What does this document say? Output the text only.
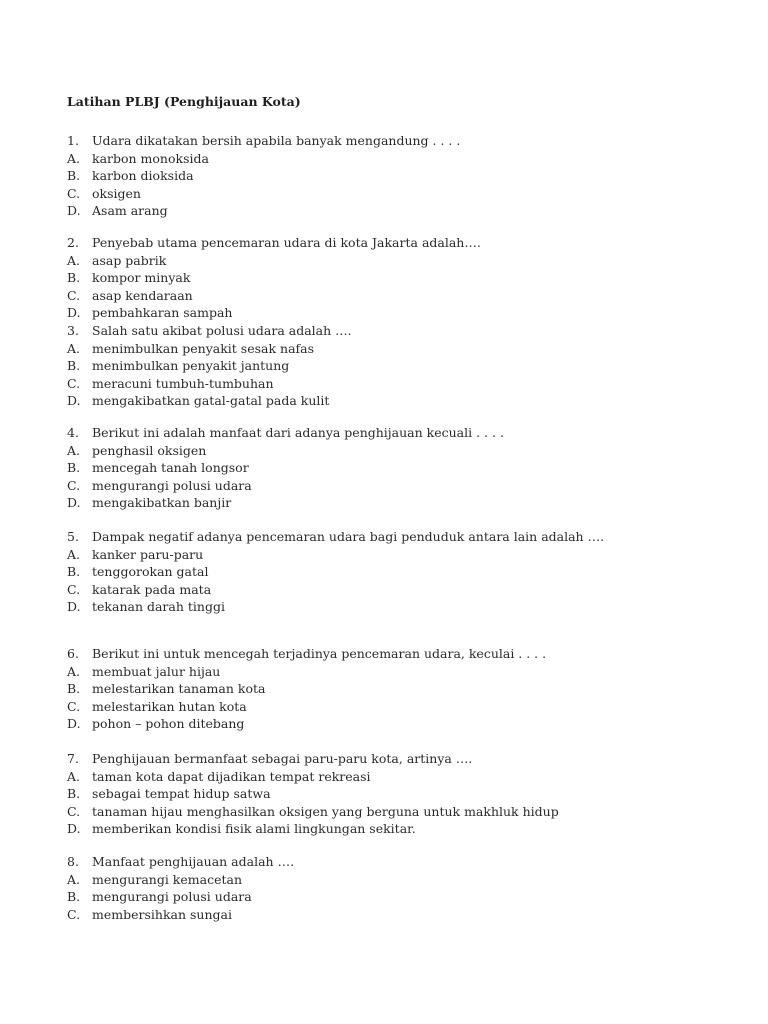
Latihan PLBJ (Penghijauan Kota)
1. Udara dikatakan bersih apabila banyak mengandung . . . .
A. karbon monoksida
B. karbon dioksida
C. oksigen
D. Asam arang
2. Penyebab utama pencemaran udara di kota Jakarta adalah….
A. asap pabrik
B. kompor minyak
C. asap kendaraan
D. pembahkaran sampah
3. Salah satu akibat polusi udara adalah ….
A. menimbulkan penyakit sesak nafas
B. menimbulkan penyakit jantung
C. meracuni tumbuh-tumbuhan
D. mengakibatkan gatal-gatal pada kulit
4. Berikut ini adalah manfaat dari adanya penghijauan kecuali . . . .
A. penghasil oksigen
B. mencegah tanah longsor
C. mengurangi polusi udara
D. mengakibatkan banjir
5. Dampak negatif adanya pencemaran udara bagi penduduk antara lain adalah ….
A. kanker paru-paru
B. tenggorokan gatal
C. katarak pada mata
D. tekanan darah tinggi
6. Berikut ini untuk mencegah terjadinya pencemaran udara, keculai . . . .
A. membuat jalur hijau
B. melestarikan tanaman kota
C. melestarikan hutan kota
D. pohon – pohon ditebang
7. Penghijauan bermanfaat sebagai paru-paru kota, artinya ….
A. taman kota dapat dijadikan tempat rekreasi
B. sebagai tempat hidup satwa
C. tanaman hijau menghasilkan oksigen yang berguna untuk makhluk hidup
D. memberikan kondisi fisik alami lingkungan sekitar.
8. Manfaat penghijauan adalah ….
A. mengurangi kemacetan
B. mengurangi polusi udara
C. membersihkan sungai
